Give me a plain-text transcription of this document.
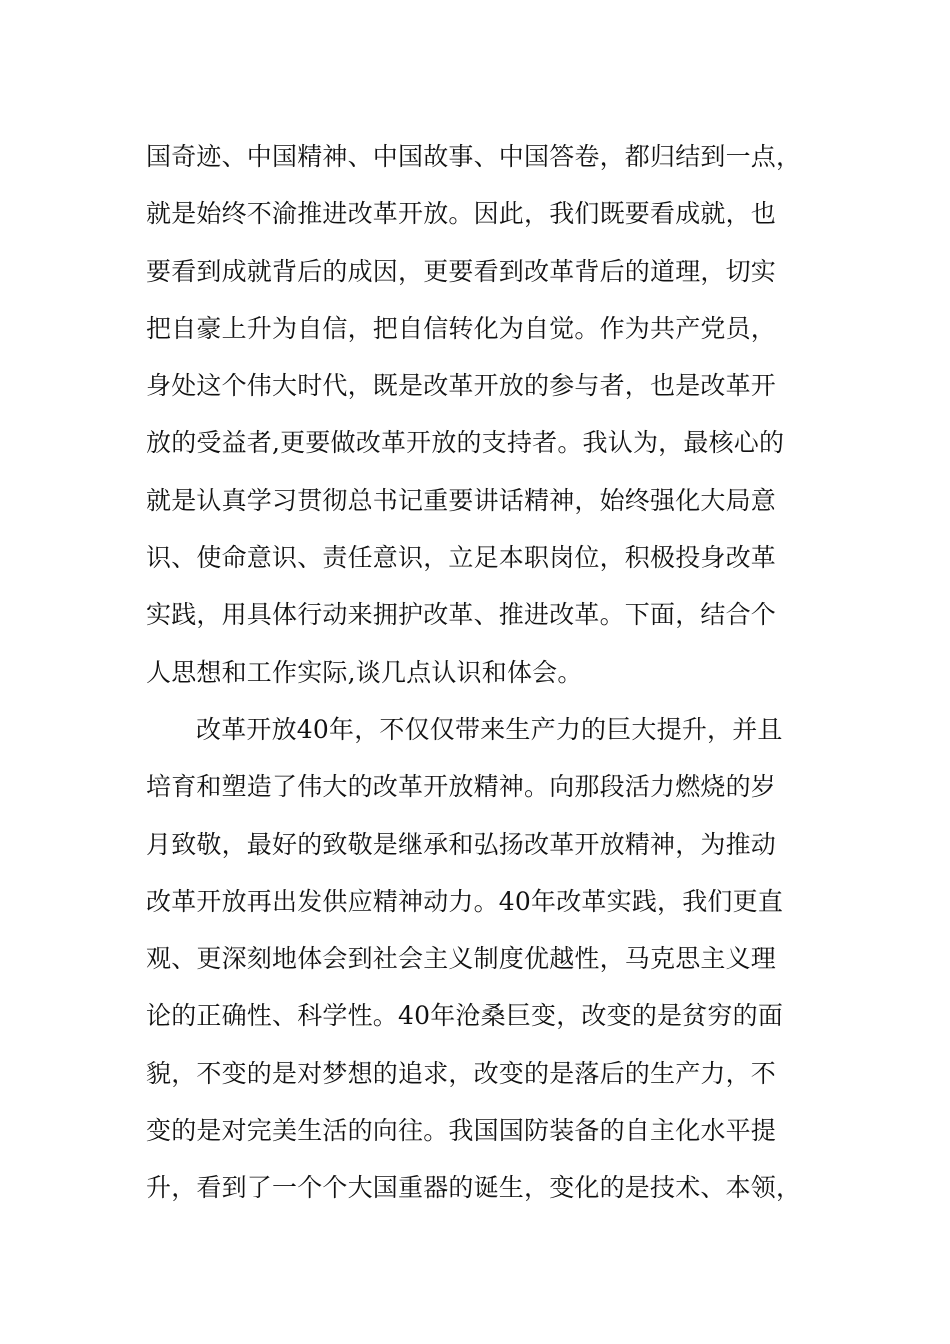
国奇迹、中国精神、中国故事、中国答卷，都归结到一点，
就是始终不渝推进改革开放。因此，我们既要看成就，也
要看到成就背后的成因，更要看到改革背后的道理，切实
把自豪上升为自信，把自信转化为自觉。作为共产党员，
身处这个伟大时代，既是改革开放的参与者，也是改革开
放的受益者,更要做改革开放的支持者。我认为，最核心的
就是认真学习贯彻总书记重要讲话精神，始终强化大局意
识、使命意识、责任意识，立足本职岗位，积极投身改革
实践，用具体行动来拥护改革、推进改革。下面，结合个
人思想和工作实际,谈几点认识和体会。
改革开放40年，不仅仅带来生产力的巨大提升，并且
培育和塑造了伟大的改革开放精神。向那段活力燃烧的岁
月致敬，最好的致敬是继承和弘扬改革开放精神，为推动
改革开放再出发供应精神动力。40年改革实践，我们更直
观、更深刻地体会到社会主义制度优越性，马克思主义理
论的正确性、科学性。40年沧桑巨变，改变的是贫穷的面
貌，不变的是对梦想的追求，改变的是落后的生产力，不
变的是对完美生活的向往。我国国防装备的自主化水平提
升，看到了一个个大国重器的诞生，变化的是技术、本领，
